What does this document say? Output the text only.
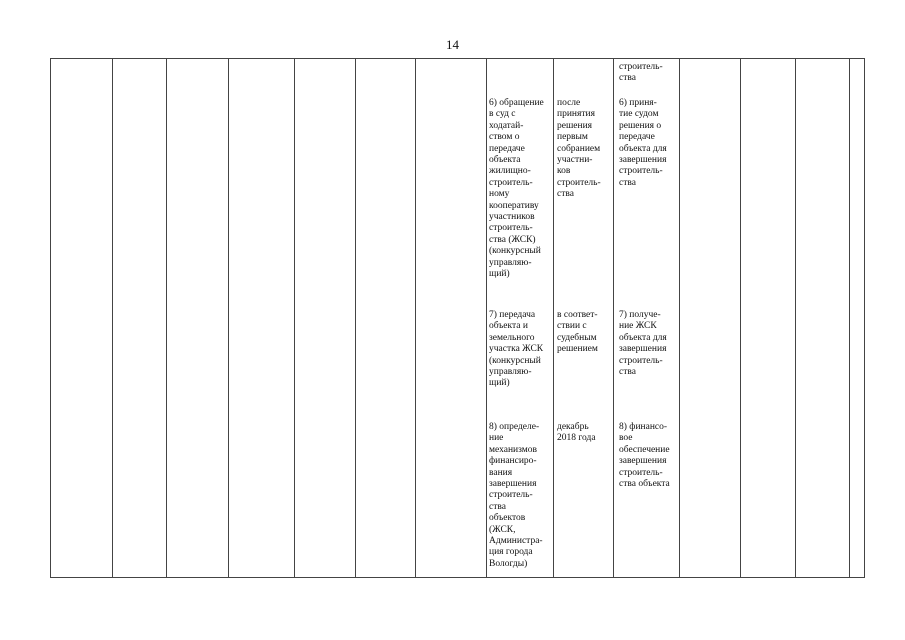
14
строитель-
ства
6) обращение
в суд с
ходатай-
ством о
передаче
объекта
жилищно-
строитель-
ному
кооперативу
участников
строитель-
ства (ЖСК)
(конкурсный
управляю-
щий)
после
принятия
решения
первым
собранием
участни-
ков
строитель-
ства
6) приня-
тие судом
решения о
передаче
объекта для
завершения
строитель-
ства
7) передача
объекта и
земельного
участка ЖСК
(конкурсный
управляю-
щий)
в соответ-
ствии с
судебным
решением
7) получе-
ние ЖСК
объекта для
завершения
строитель-
ства
8) определе-
ние
механизмов
финансиро-
вания
завершения
строитель-
ства
объектов
(ЖСК,
Администра-
ция города
Вологды)
декабрь
2018 года
8) финансо-
вое
обеспечение
завершения
строитель-
ства объекта
